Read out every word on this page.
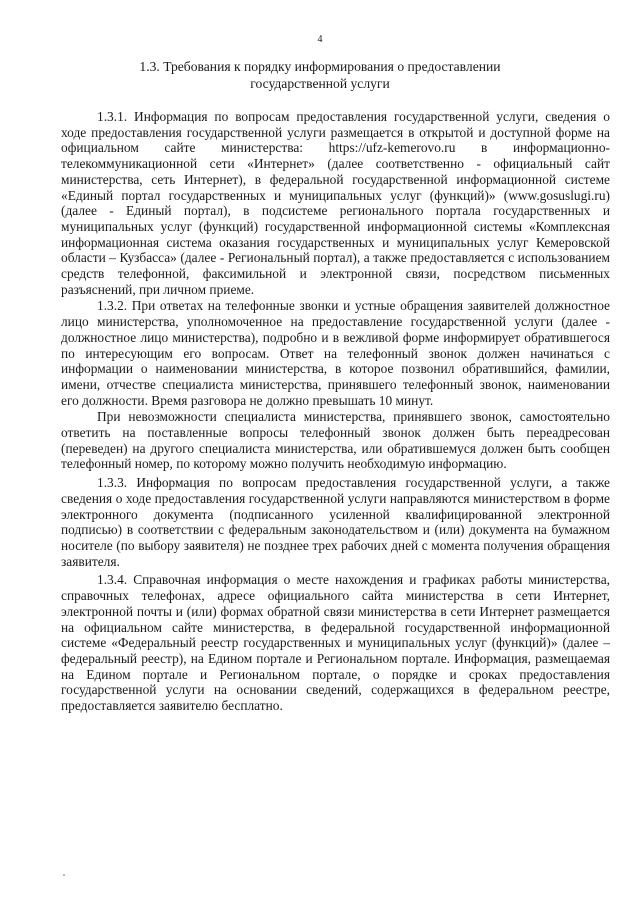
4
1.3. Требования к порядку информирования о предоставлении
государственной услуги

1.3.1. Информация по вопросам предоставления государственной услуги, сведения о ходе предоставления государственной услуги размещается в открытой и доступной форме на официальном сайте министерства: https://ufz-kemerovo.ru в информационно-телекоммуникационной сети «Интернет» (далее соответственно - официальный сайт министерства, сеть Интернет), в федеральной государственной информационной системе «Единый портал государственных и муниципальных услуг (функций)» (www.gosuslugi.ru) (далее - Единый портал), в подсистеме регионального портала государственных и муниципальных услуг (функций) государственной информационной системы «Комплексная информационная система оказания государственных и муниципальных услуг Кемеровской области – Кузбасса» (далее - Региональный портал), а также предоставляется с использованием средств телефонной, факсимильной и электронной связи, посредством письменных разъяснений, при личном приеме.

1.3.2. При ответах на телефонные звонки и устные обращения заявителей должностное лицо министерства, уполномоченное на предоставление государственной услуги (далее - должностное лицо министерства), подробно и в вежливой форме информирует обратившегося по интересующим его вопросам. Ответ на телефонный звонок должен начинаться с информации о наименовании министерства, в которое позвонил обратившийся, фамилии, имени, отчестве специалиста министерства, принявшего телефонный звонок, наименовании его должности. Время разговора не должно превышать 10 минут.

При невозможности специалиста министерства, принявшего звонок, самостоятельно ответить на поставленные вопросы телефонный звонок должен быть переадресован (переведен) на другого специалиста министерства, или обратившемуся должен быть сообщен телефонный номер, по которому можно получить необходимую информацию.

1.3.3. Информация по вопросам предоставления государственной услуги, а также сведения о ходе предоставления государственной услуги направляются министерством в форме электронного документа (подписанного усиленной квалифицированной электронной подписью) в соответствии с федеральным законодательством и (или) документа на бумажном носителе (по выбору заявителя) не позднее трех рабочих дней с момента получения обращения заявителя.

1.3.4. Справочная информация о месте нахождения и графиках работы министерства, справочных телефонах, адресе официального сайта министерства в сети Интернет, электронной почты и (или) формах обратной связи министерства в сети Интернет размещается на официальном сайте министерства, в федеральной государственной информационной системе «Федеральный реестр государственных и муниципальных услуг (функций)» (далее – федеральный реестр), на Едином портале и Региональном портале. Информация, размещаемая на Едином портале и Региональном портале, о порядке и сроках предоставления государственной услуги на основании сведений, содержащихся в федеральном реестре, предоставляется заявителю бесплатно.
